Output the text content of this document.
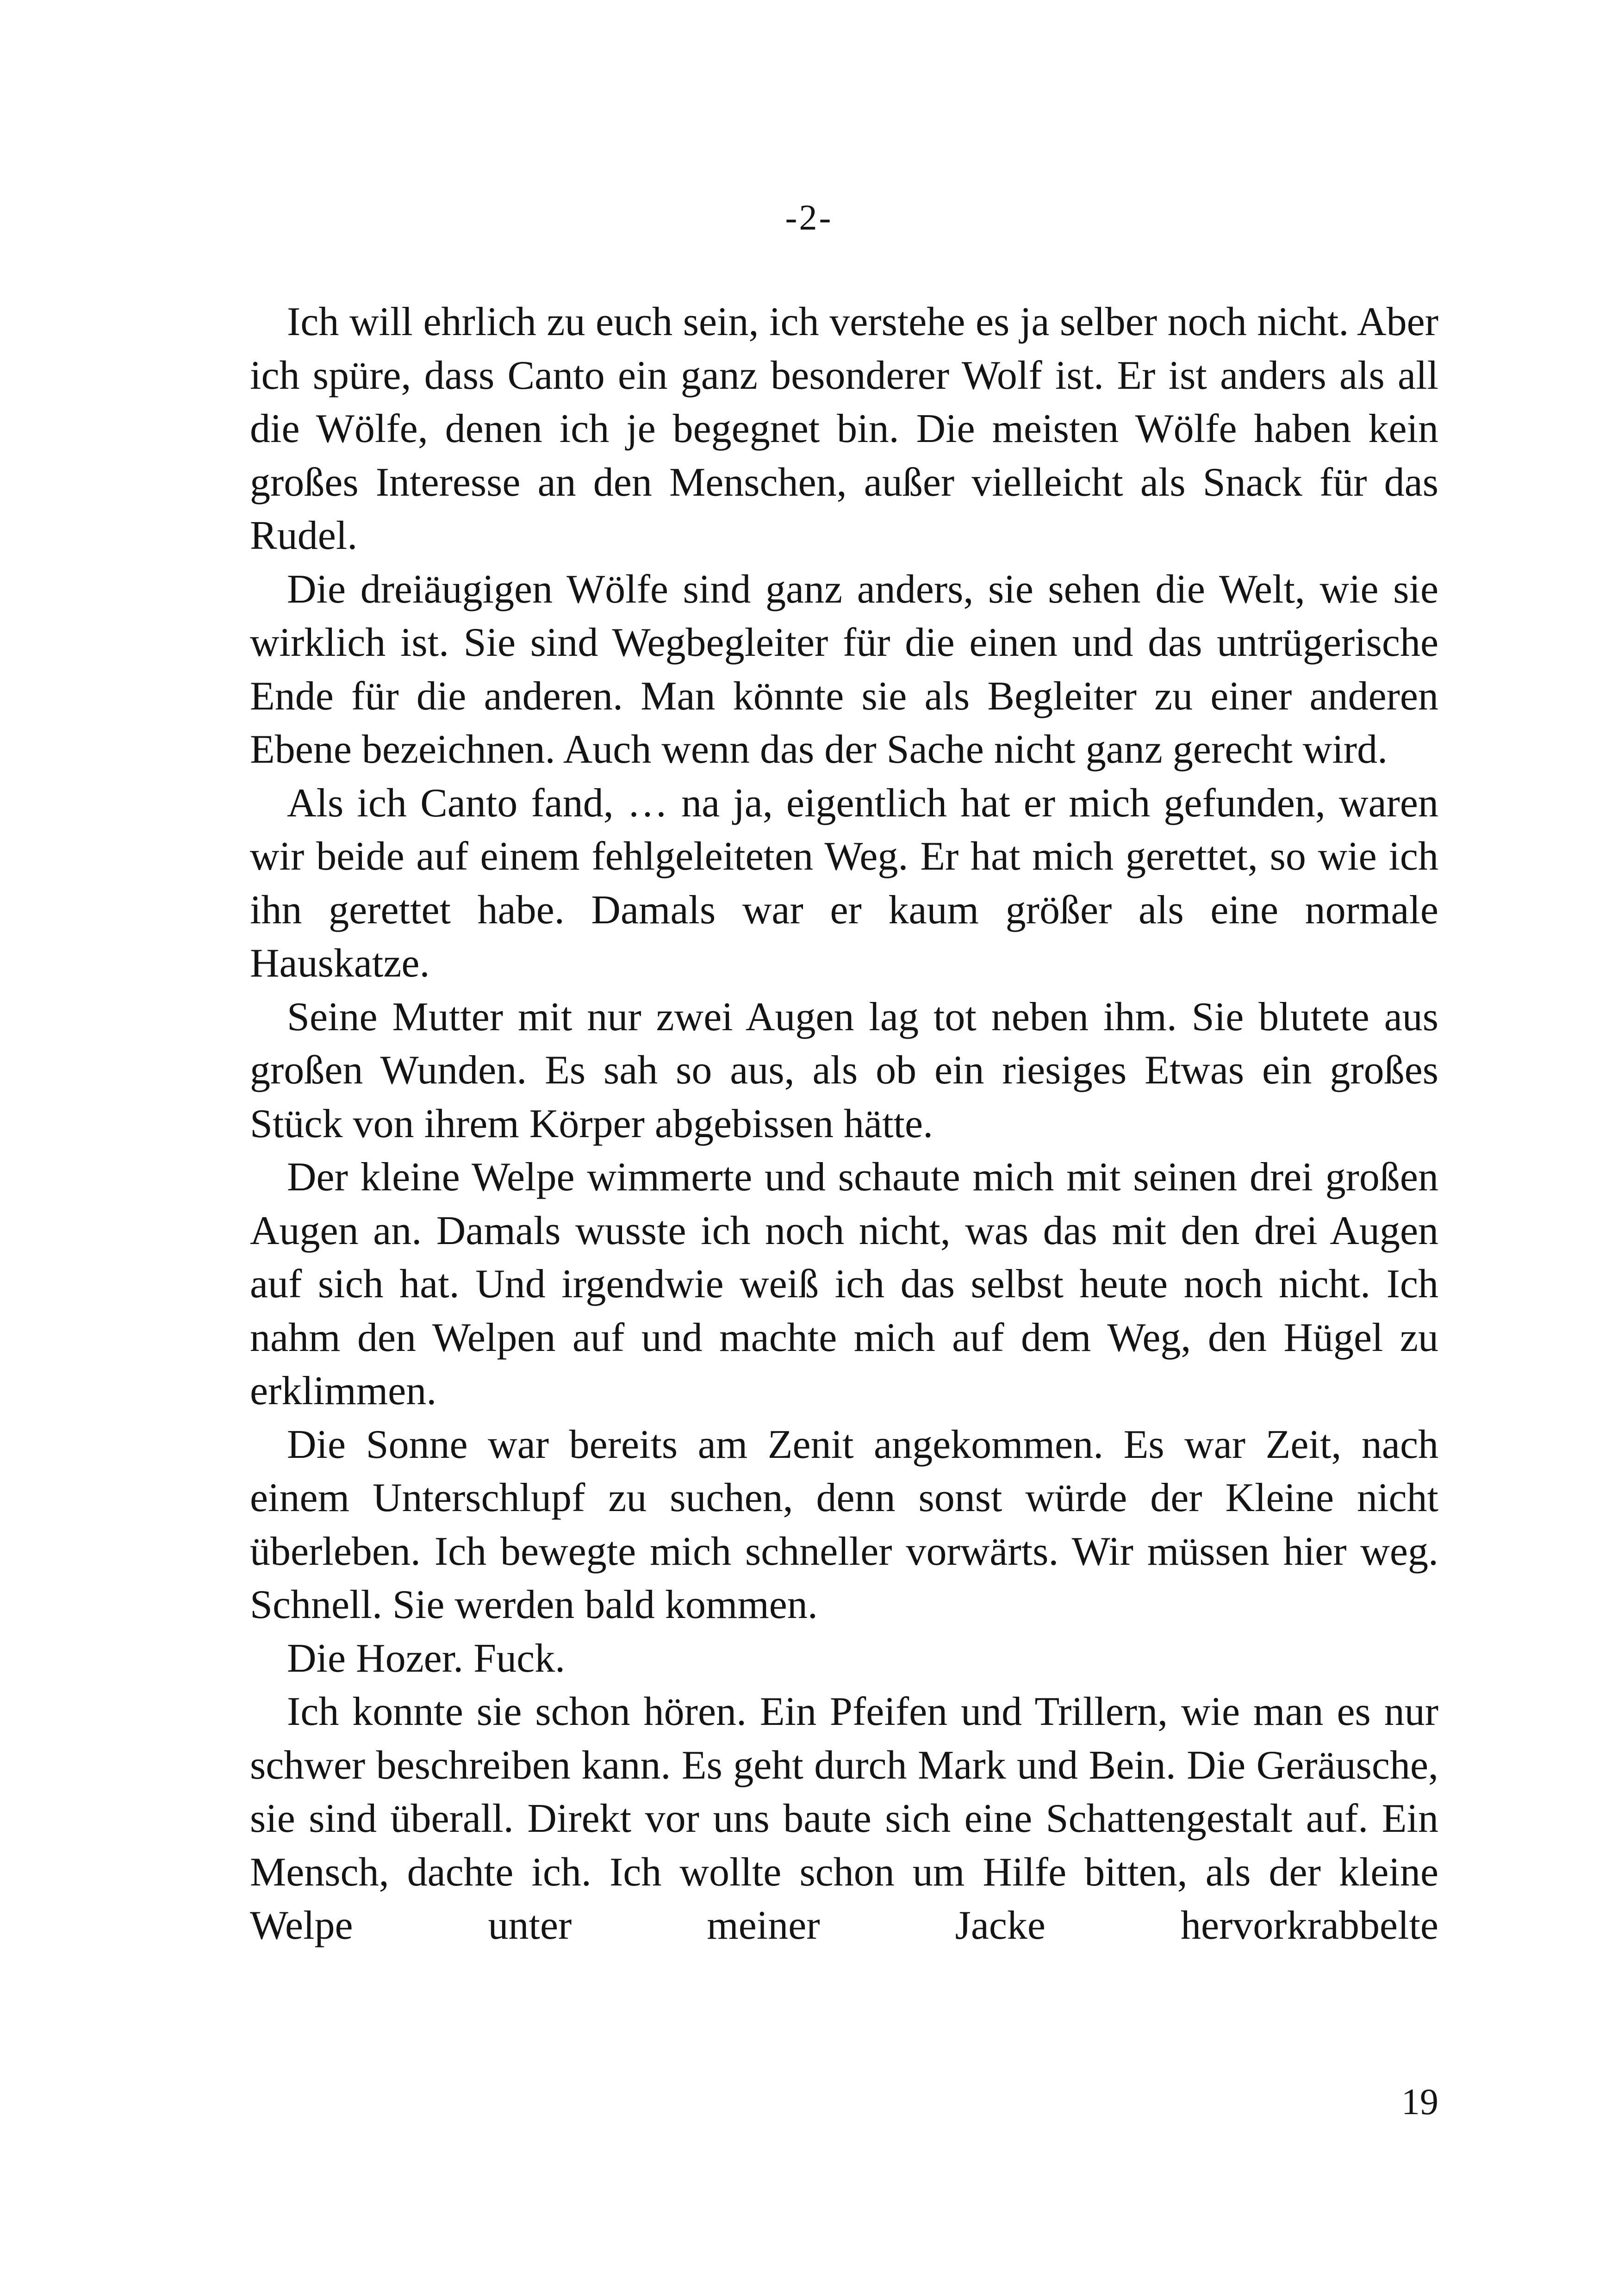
-2-

Ich will ehrlich zu euch sein, ich verstehe es ja selber noch nicht. Aber ich spüre, dass Canto ein ganz besonderer Wolf ist. Er ist anders als all die Wölfe, denen ich je begegnet bin. Die meisten Wölfe haben kein großes Interesse an den Menschen, außer vielleicht als Snack für das Rudel.

Die dreiäugigen Wölfe sind ganz anders, sie sehen die Welt, wie sie wirklich ist. Sie sind Wegbegleiter für die einen und das untrügerische Ende für die anderen. Man könnte sie als Begleiter zu einer anderen Ebene bezeichnen. Auch wenn das der Sache nicht ganz gerecht wird.

Als ich Canto fand, … na ja, eigentlich hat er mich gefunden, waren wir beide auf einem fehlgeleiteten Weg. Er hat mich gerettet, so wie ich ihn gerettet habe. Damals war er kaum größer als eine normale Hauskatze.

Seine Mutter mit nur zwei Augen lag tot neben ihm. Sie blutete aus großen Wunden. Es sah so aus, als ob ein riesiges Etwas ein großes Stück von ihrem Körper abgebissen hätte.

Der kleine Welpe wimmerte und schaute mich mit seinen drei großen Augen an. Damals wusste ich noch nicht, was das mit den drei Augen auf sich hat. Und irgendwie weiß ich das selbst heute noch nicht. Ich nahm den Welpen auf und machte mich auf dem Weg, den Hügel zu erklimmen.

Die Sonne war bereits am Zenit angekommen. Es war Zeit, nach einem Unterschlupf zu suchen, denn sonst würde der Kleine nicht überleben. Ich bewegte mich schneller vorwärts. Wir müssen hier weg. Schnell. Sie werden bald kommen.

Die Hozer. Fuck.

Ich konnte sie schon hören. Ein Pfeifen und Trillern, wie man es nur schwer beschreiben kann. Es geht durch Mark und Bein. Die Geräusche, sie sind überall. Direkt vor uns baute sich eine Schattengestalt auf. Ein Mensch, dachte ich. Ich wollte schon um Hilfe bitten, als der kleine Welpe unter meiner Jacke hervorkrabbelte

19
